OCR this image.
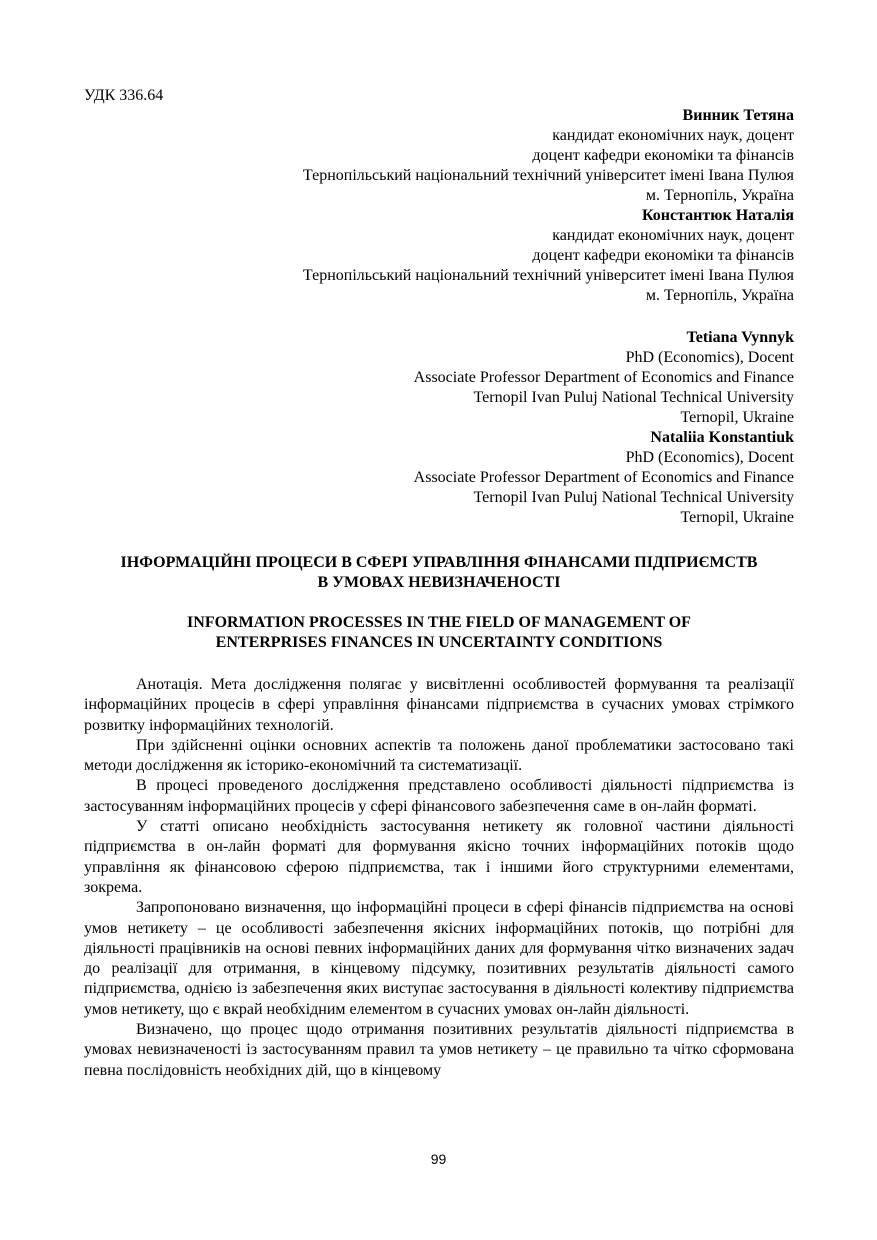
УДК 336.64
Винник Тетяна
кандидат економічних наук, доцент
доцент кафедри економіки та фінансів
Тернопільський національний технічний університет імені Івана Пулюя
м. Тернопіль, Україна
Константюк Наталія
кандидат економічних наук, доцент
доцент кафедри економіки та фінансів
Тернопільський національний технічний університет імені Івана Пулюя
м. Тернопіль, Україна
Tetiana Vynnyk
PhD (Economics), Docent
Associate Professor Department of Economics and Finance
Ternopil Ivan Puluj National Technical University
Ternopil, Ukraine
Nataliia Konstantiuk
PhD (Economics), Docent
Associate Professor Department of Economics and Finance
Ternopil Ivan Puluj National Technical University
Ternopil, Ukraine
ІНФОРМАЦІЙНІ ПРОЦЕСИ В СФЕРІ УПРАВЛІННЯ ФІНАНСАМИ ПІДПРИЄМСТВ
В УМОВАХ НЕВИЗНАЧЕНОСТІ
INFORMATION PROCESSES IN THE FIELD OF MANAGEMENT OF
ENTERPRISES FINANCES IN UNCERTAINTY CONDITIONS

Анотація. Мета дослідження полягає у висвітленні особливостей формування та реалізації інформаційних процесів в сфері управління фінансами підприємства в сучасних умовах стрімкого розвитку інформаційних технологій.

При здійсненні оцінки основних аспектів та положень даної проблематики застосовано такі методи дослідження як історико-економічний та систематизації.

В процесі проведеного дослідження представлено особливості діяльності підприємства із застосуванням інформаційних процесів у сфері фінансового забезпечення саме в он-лайн форматі.

У статті описано необхідність застосування нетикету як головної частини діяльності підприємства в он-лайн форматі для формування якісно точних інформаційних потоків щодо управління як фінансовою сферою підприємства, так і іншими його структурними елементами, зокрема.

Запропоновано визначення, що інформаційні процеси в сфері фінансів підприємства на основі умов нетикету – це особливості забезпечення якісних інформаційних потоків, що потрібні для діяльності працівників на основі певних інформаційних даних для формування чітко визначених задач до реалізації для отримання, в кінцевому підсумку, позитивних результатів діяльності самого підприємства, однією із забезпечення яких виступає застосування в діяльності колективу підприємства умов нетикету, що є вкрай необхідним елементом в сучасних умовах он-лайн діяльності.

Визначено, що процес щодо отримання позитивних результатів діяльності підприємства в умовах невизначеності із застосуванням правил та умов нетикету – це правильно та чітко сформована певна послідовність необхідних дій, що в кінцевому

99
